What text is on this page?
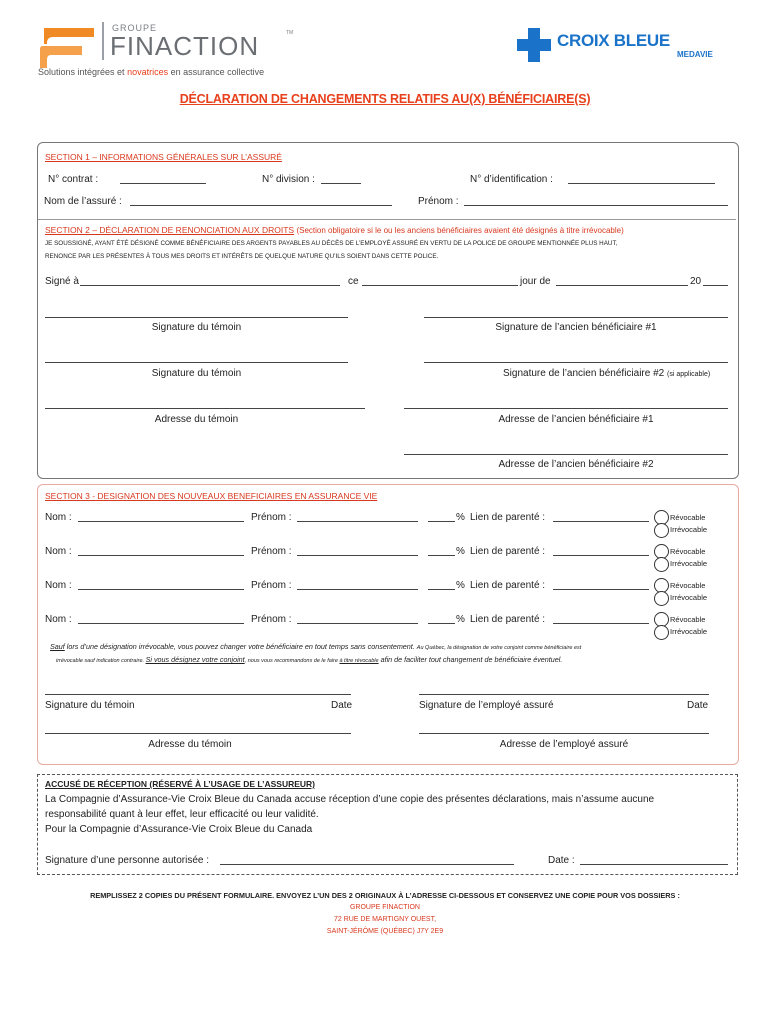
GROUPE
FINACTION	TM
Solutions intégrées et novatrices en assurance collective
CROIX BLEUE
MEDAVIE
DÉCLARATION DE CHANGEMENTS RELATIFS AU(X) BÉNÉFICIAIRE(S)
SECTION 1 – INFORMATIONS GÉNÉRALES SUR L’ASSURÉ
N° contrat :	N° division :	N° d’identification :
Nom de l’assuré :	Prénom :
SECTION 2 – DÉCLARATION DE RENONCIATION AUX DROITS (Section obligatoire si le ou les anciens bénéficiaires avaient été désignés à titre irrévocable)
JE SOUSSIGNÉ, AYANT ÉTÉ DÉSIGNÉ COMME BÉNÉFICIAIRE DES ARGENTS PAYABLES AU DÉCÈS DE L’EMPLOYÉ ASSURÉ EN VERTU DE LA POLICE DE GROUPE MENTIONNÉE PLUS HAUT,
RENONCE PAR LES PRÉSENTES À TOUS MES DROITS ET INTÉRÊTS DE QUELQUE NATURE QU’ILS SOIENT DANS CETTE POLICE.
Signé à	ce	jour de	20
Signature du témoin	Signature de l’ancien bénéficiaire #1
Signature du témoin	Signature de l’ancien bénéficiaire #2 (si applicable)
Adresse du témoin	Adresse de l’ancien bénéficiaire #1
Adresse de l’ancien bénéficiaire #2
SECTION 3 - DESIGNATION DES NOUVEAUX BENEFICIAIRES EN ASSURANCE VIE
Nom :	Prénom :	% Lien de parenté :	Révocable
Irrévocable
Nom :	Prénom :	% Lien de parenté :	Révocable
Irrévocable
Nom :	Prénom :	% Lien de parenté :	Révocable
Irrévocable
Nom :	Prénom :	% Lien de parenté :	Révocable
Irrévocable
Sauf lors d’une désignation irrévocable, vous pouvez changer votre bénéficiaire en tout temps sans consentement. Au Québec, la désignation de votre conjoint comme bénéficiaire est
irrévocable sauf indication contraire. Si vous désignez votre conjoint, nous vous recommandons de le faire à titre révocable afin de faciliter tout changement de bénéficiaire éventuel.
Signature du témoin	Date	Signature de l’employé assuré	Date
Adresse du témoin	Adresse de l’employé assuré
ACCUSÉ DE RÉCEPTION (RÉSERVÉ À L’USAGE DE L’ASSUREUR)
La Compagnie d’Assurance-Vie Croix Bleue du Canada accuse réception d’une copie des présentes déclarations, mais n’assume aucune
responsabilité quant à leur effet, leur efficacité ou leur validité.
Pour la Compagnie d’Assurance-Vie Croix Bleue du Canada
Signature d’une personne autorisée :	Date :
REMPLISSEZ 2 COPIES DU PRÉSENT FORMULAIRE. ENVOYEZ L’UN DES 2 ORIGINAUX À L’ADRESSE CI-DESSOUS ET CONSERVEZ UNE COPIE POUR VOS DOSSIERS :
GROUPE FINACTION
72 RUE DE MARTIGNY OUEST,
SAINT-JÉRÔME (QUÉBEC) J7Y 2E9
